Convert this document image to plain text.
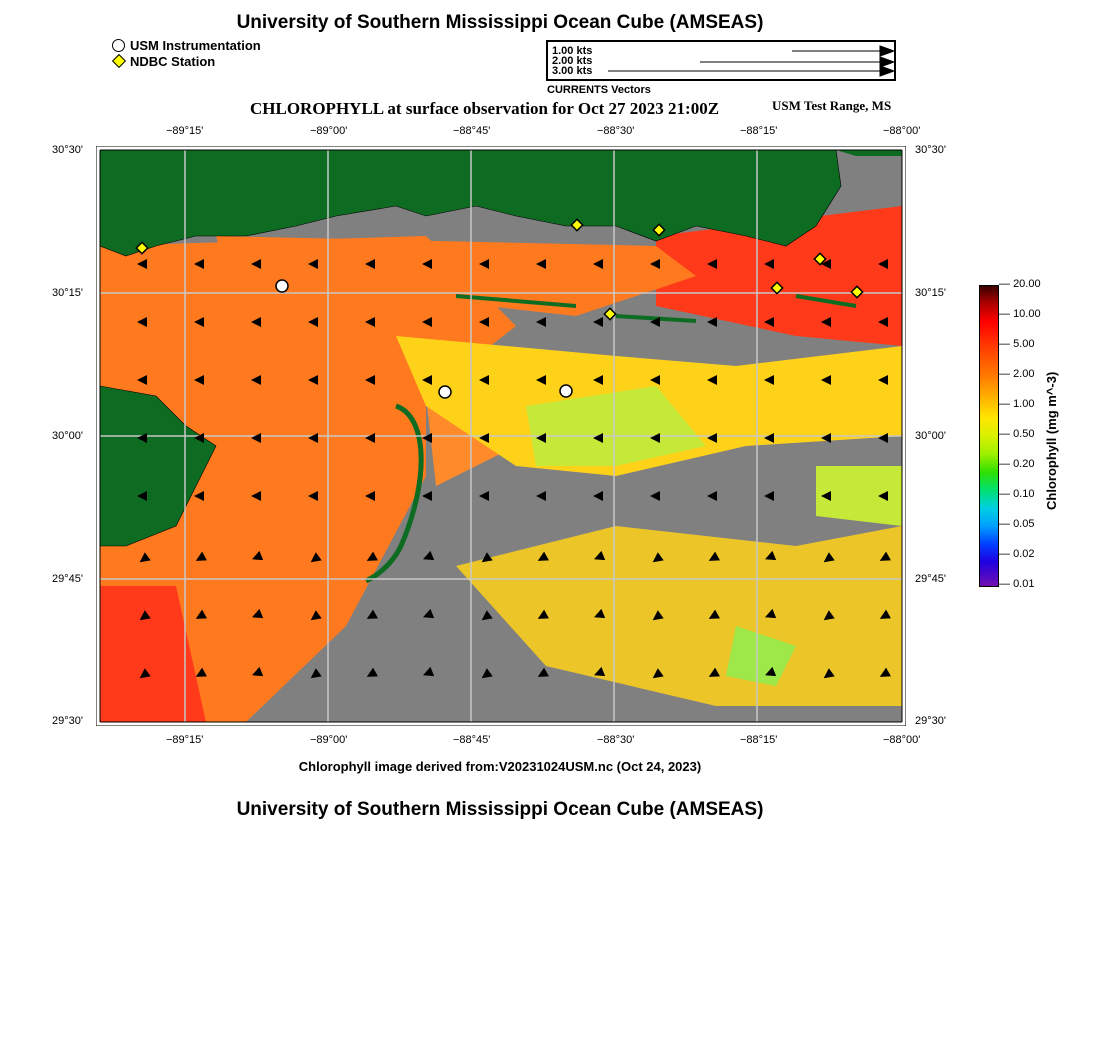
University of Southern Mississippi Ocean Cube (AMSEAS)
USM Instrumentation
NDBC Station
1.00 kts
2.00 kts
3.00 kts
CURRENTS Vectors
CHLOROPHYLL at surface observation for Oct 27 2023 21:00Z	USM Test Range, MS
−89°15'	−89°00'	−88°45'	−88°30'	−88°15'	−88°00'
30°30'
30°15'
30°00'
29°45'
29°30'
30°30'
30°15'
30°00'
29°45'
29°30'
−89°15'	−89°00'	−88°45'	−88°30'	−88°15'	−88°00'
— 20.00
— 10.00
— 5.00
— 2.00
— 1.00
— 0.50
— 0.20
— 0.10
— 0.05
— 0.02
— 0.01
Chlorophyll (mg m^-3)
Chlorophyll image derived from:V20231024USM.nc (Oct 24, 2023)
University of Southern Mississippi Ocean Cube (AMSEAS)
